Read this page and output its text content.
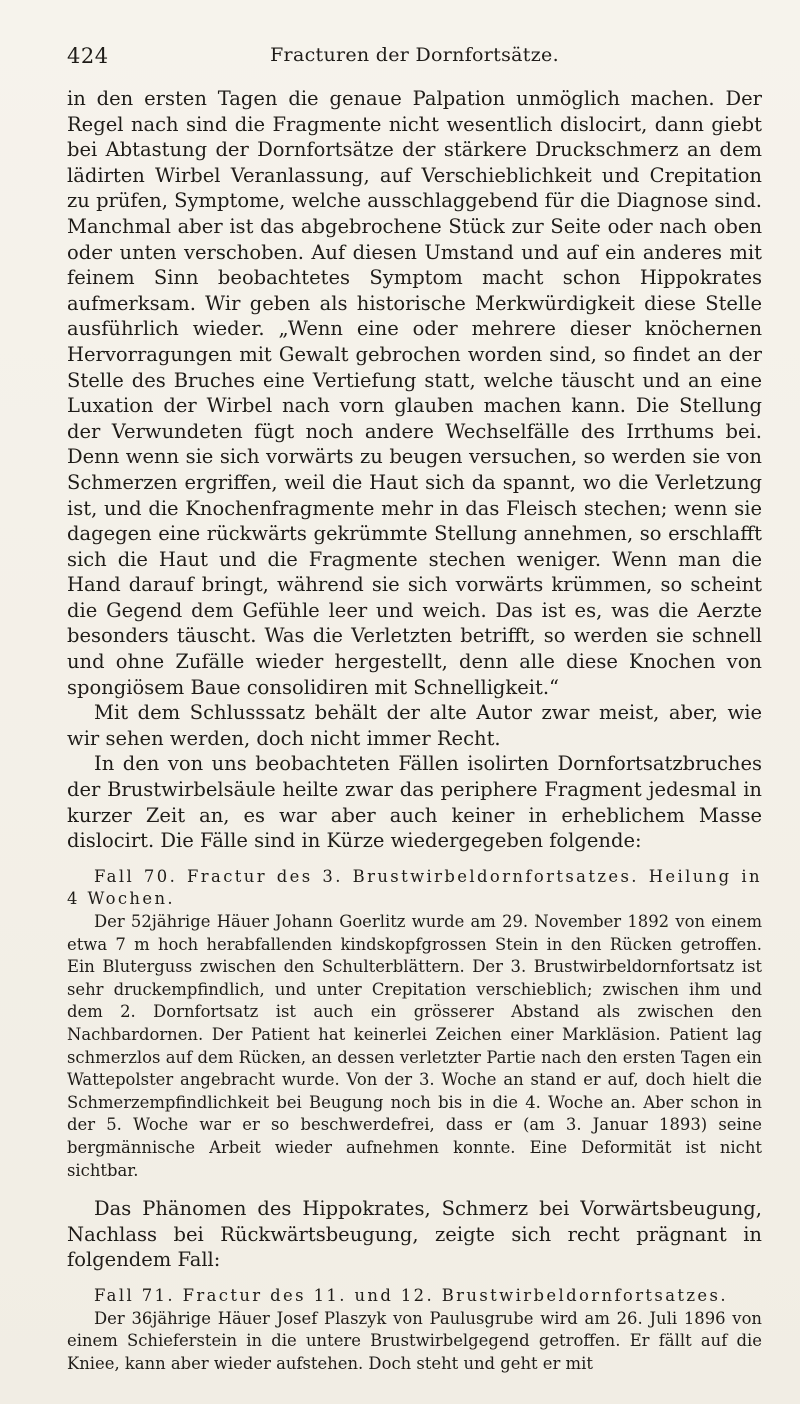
424	Fracturen der Dornfortsätze.

in den ersten Tagen die genaue Palpation unmöglich machen. Der Regel nach sind die Fragmente nicht wesentlich dislocirt, dann giebt bei Abtastung der Dornfortsätze der stärkere Druckschmerz an dem lädirten Wirbel Veranlassung, auf Verschieblichkeit und Crepitation zu prüfen, Symptome, welche ausschlaggebend für die Diagnose sind. Manchmal aber ist das abgebrochene Stück zur Seite oder nach oben oder unten verschoben. Auf diesen Umstand und auf ein anderes mit feinem Sinn beobachtetes Symptom macht schon Hippokrates aufmerksam. Wir geben als historische Merkwürdigkeit diese Stelle ausführlich wieder. „Wenn eine oder mehrere dieser knöchernen Hervorragungen mit Gewalt gebrochen worden sind, so findet an der Stelle des Bruches eine Vertiefung statt, welche täuscht und an eine Luxation der Wirbel nach vorn glauben machen kann. Die Stellung der Verwundeten fügt noch andere Wechselfälle des Irrthums bei. Denn wenn sie sich vorwärts zu beugen versuchen, so werden sie von Schmerzen ergriffen, weil die Haut sich da spannt, wo die Verletzung ist, und die Knochenfragmente mehr in das Fleisch stechen; wenn sie dagegen eine rückwärts gekrümmte Stellung annehmen, so erschlafft sich die Haut und die Fragmente stechen weniger. Wenn man die Hand darauf bringt, während sie sich vorwärts krümmen, so scheint die Gegend dem Gefühle leer und weich. Das ist es, was die Aerzte besonders täuscht. Was die Verletzten betrifft, so werden sie schnell und ohne Zufälle wieder hergestellt, denn alle diese Knochen von spongiösem Baue consolidiren mit Schnelligkeit.“

Mit dem Schlusssatz behält der alte Autor zwar meist, aber, wie wir sehen werden, doch nicht immer Recht.

In den von uns beobachteten Fällen isolirten Dornfortsatzbruches der Brustwirbelsäule heilte zwar das periphere Fragment jedesmal in kurzer Zeit an, es war aber auch keiner in erheblichem Masse dislocirt. Die Fälle sind in Kürze wiedergegeben folgende:

Fall 70. Fractur des 3. Brustwirbeldornfortsatzes. Heilung in 4 Wochen.

Der 52jährige Häuer Johann Goerlitz wurde am 29. November 1892 von einem etwa 7 m hoch herabfallenden kindskopfgrossen Stein in den Rücken getroffen. Ein Bluterguss zwischen den Schulterblättern. Der 3. Brustwirbeldornfortsatz ist sehr druckempfindlich, und unter Crepitation verschieblich; zwischen ihm und dem 2. Dornfortsatz ist auch ein grösserer Abstand als zwischen den Nachbardornen. Der Patient hat keinerlei Zeichen einer Markläsion. Patient lag schmerzlos auf dem Rücken, an dessen verletzter Partie nach den ersten Tagen ein Wattepolster angebracht wurde. Von der 3. Woche an stand er auf, doch hielt die Schmerzempfindlichkeit bei Beugung noch bis in die 4. Woche an. Aber schon in der 5. Woche war er so beschwerdefrei, dass er (am 3. Januar 1893) seine bergmännische Arbeit wieder aufnehmen konnte. Eine Deformität ist nicht sichtbar.

Das Phänomen des Hippokrates, Schmerz bei Vorwärtsbeugung, Nachlass bei Rückwärtsbeugung, zeigte sich recht prägnant in folgendem Fall:

Fall 71. Fractur des 11. und 12. Brustwirbeldornfortsatzes.

Der 36jährige Häuer Josef Plaszyk von Paulusgrube wird am 26. Juli 1896 von einem Schieferstein in die untere Brustwirbelgegend getroffen. Er fällt auf die Kniee, kann aber wieder aufstehen. Doch steht und geht er mit
